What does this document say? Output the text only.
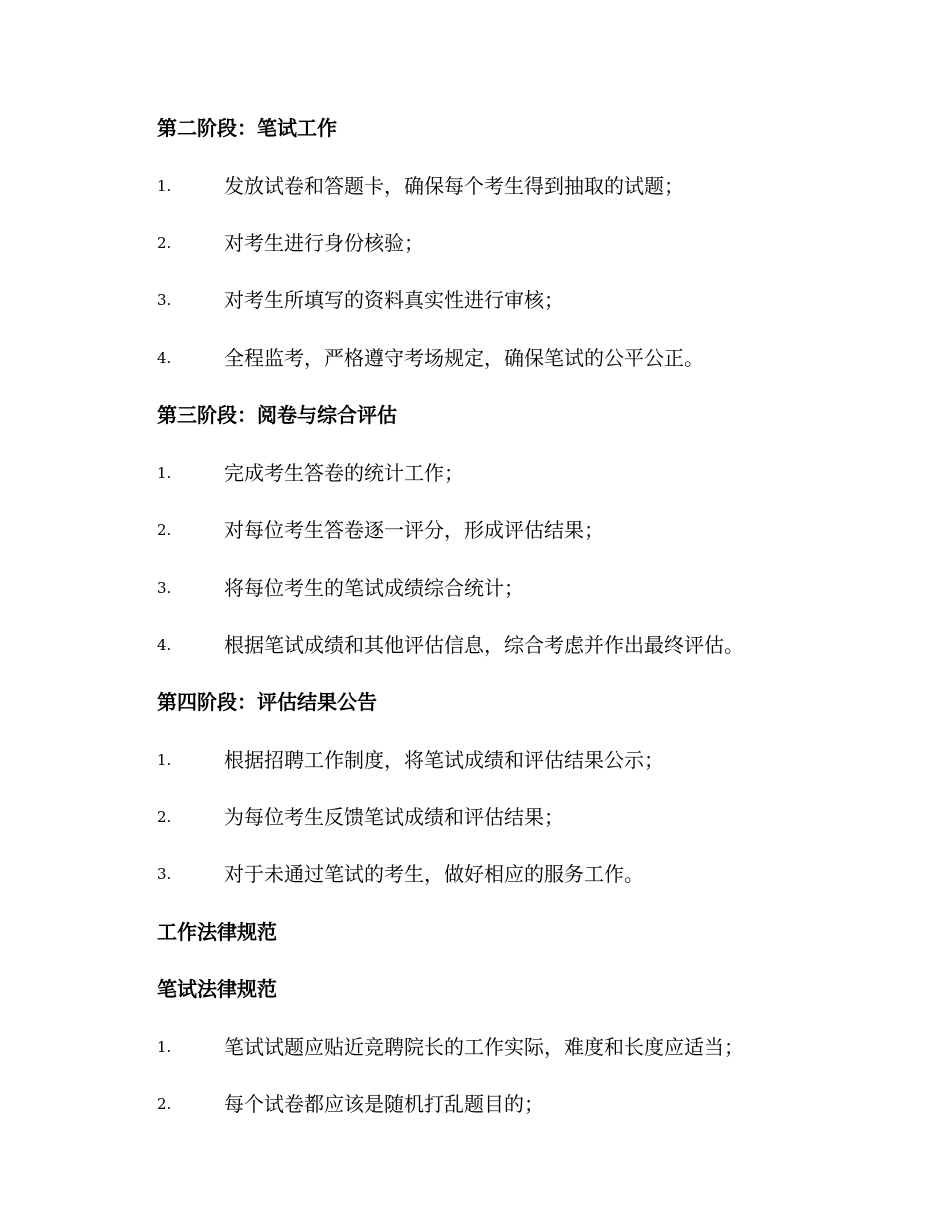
第二阶段：笔试工作
1.	发放试卷和答题卡，确保每个考生得到抽取的试题；
2.	对考生进行身份核验；
3.	对考生所填写的资料真实性进行审核；
4.	全程监考，严格遵守考场规定，确保笔试的公平公正。
第三阶段：阅卷与综合评估
1.	完成考生答卷的统计工作；
2.	对每位考生答卷逐一评分，形成评估结果；
3.	将每位考生的笔试成绩综合统计；
4.	根据笔试成绩和其他评估信息，综合考虑并作出最终评估。
第四阶段：评估结果公告
1.	根据招聘工作制度，将笔试成绩和评估结果公示；
2.	为每位考生反馈笔试成绩和评估结果；
3.	对于未通过笔试的考生，做好相应的服务工作。
工作法律规范
笔试法律规范
1.	笔试试题应贴近竞聘院长的工作实际，难度和长度应适当；
2.	每个试卷都应该是随机打乱题目的；
